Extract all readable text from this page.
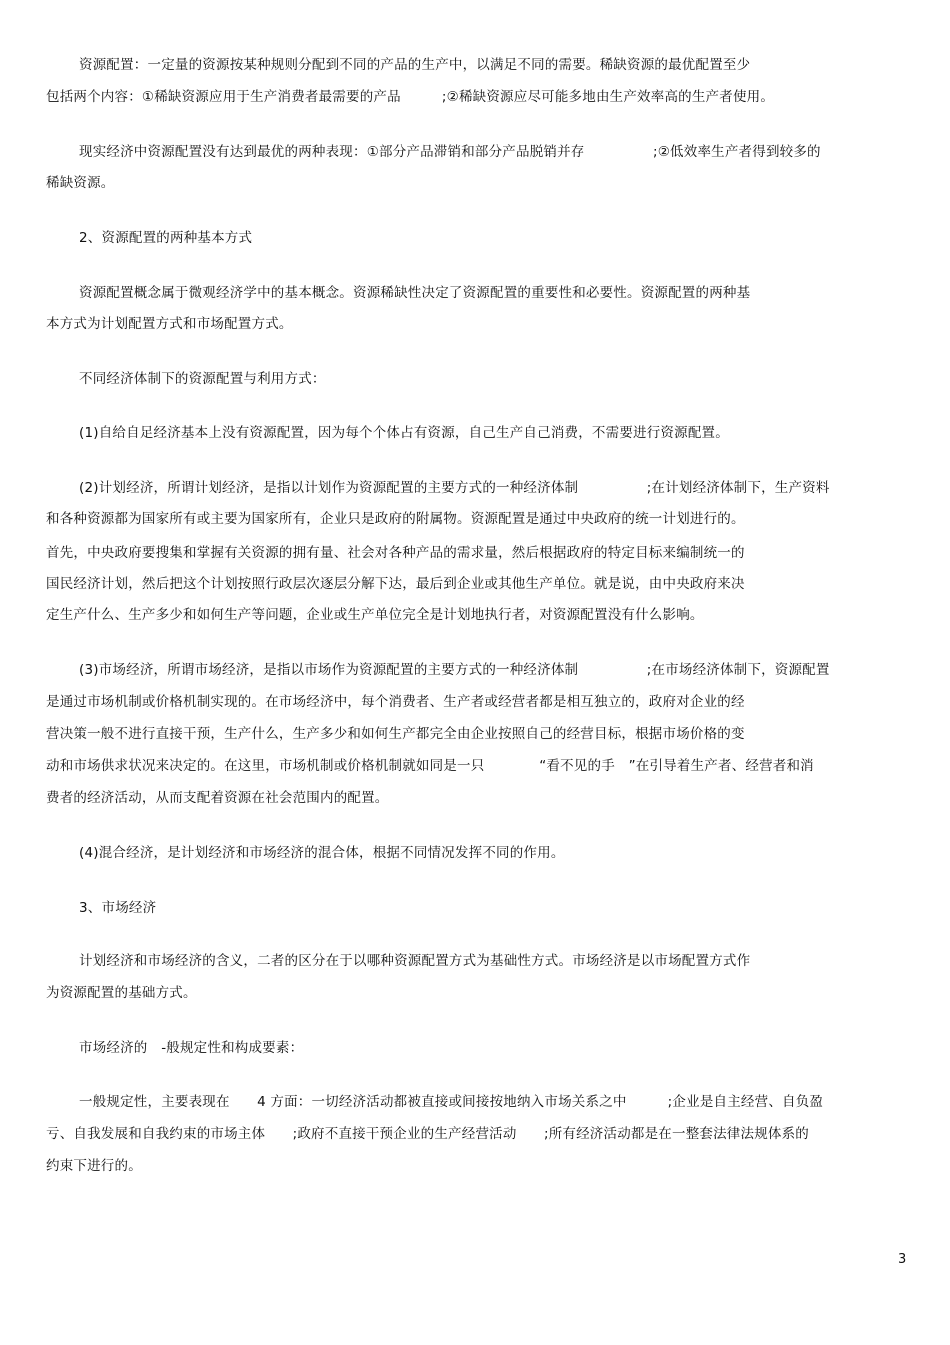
资源配置：一定量的资源按某种规则分配到不同的产品的生产中，以满足不同的需要。稀缺资源的最优配置至少
包括两个内容：①稀缺资源应用于生产消费者最需要的产品　　　;②稀缺资源应尽可能多地由生产效率高的生产者使用。
现实经济中资源配置没有达到最优的两种表现：①部分产品滞销和部分产品脱销并存　　　　　;②低效率生产者得到较多的
稀缺资源。
2、资源配置的两种基本方式
资源配置概念属于微观经济学中的基本概念。资源稀缺性决定了资源配置的重要性和必要性。资源配置的两种基
本方式为计划配置方式和市场配置方式。
不同经济体制下的资源配置与利用方式：
(1)自给自足经济基本上没有资源配置，因为每个个体占有资源，自己生产自己消费，不需要进行资源配置。
(2)计划经济，所谓计划经济，是指以计划作为资源配置的主要方式的一种经济体制　　　　　;在计划经济体制下，生产资料
和各种资源都为国家所有或主要为国家所有，企业只是政府的附属物。资源配置是通过中央政府的统一计划进行的。
首先，中央政府要搜集和掌握有关资源的拥有量、社会对各种产品的需求量，然后根据政府的特定目标来编制统一的
国民经济计划，然后把这个计划按照行政层次逐层分解下达，最后到企业或其他生产单位。就是说，由中央政府来决
定生产什么、生产多少和如何生产等问题，企业或生产单位完全是计划地执行者，对资源配置没有什么影响。
(3)市场经济，所谓市场经济，是指以市场作为资源配置的主要方式的一种经济体制　　　　　;在市场经济体制下，资源配置
是通过市场机制或价格机制实现的。在市场经济中，每个消费者、生产者或经营者都是相互独立的，政府对企业的经
营决策一般不进行直接干预，生产什么，生产多少和如何生产都完全由企业按照自己的经营目标，根据市场价格的变
动和市场供求状况来决定的。在这里，市场机制或价格机制就如同是一只　　　　“看不见的手　”在引导着生产者、经营者和消
费者的经济活动，从而支配着资源在社会范围内的配置。
(4)混合经济，是计划经济和市场经济的混合体，根据不同情况发挥不同的作用。
3、市场经济
计划经济和市场经济的含义，二者的区分在于以哪种资源配置方式为基础性方式。市场经济是以市场配置方式作
为资源配置的基础方式。
市场经济的　-般规定性和构成要素：
一般规定性，主要表现在　　4 方面：一切经济活动都被直接或间接按地纳入市场关系之中　　　;企业是自主经营、自负盈
亏、自我发展和自我约束的市场主体　　;政府不直接干预企业的生产经营活动　　;所有经济活动都是在一整套法律法规体系的
约束下进行的。
3
